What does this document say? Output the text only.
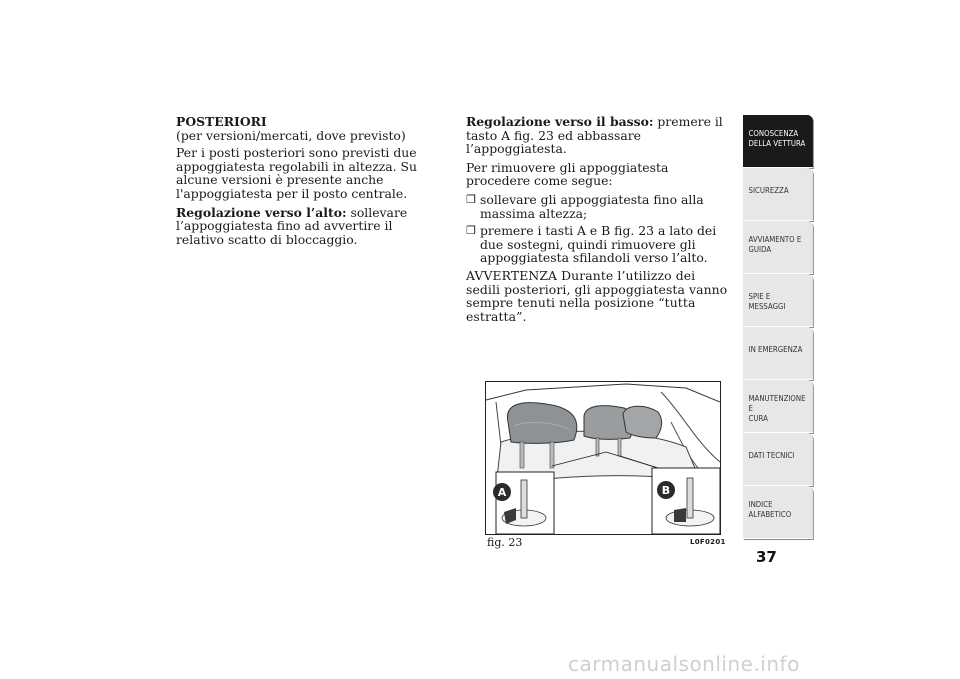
POSTERIORI
(per versioni/mercati, dove previsto)

Per i posti posteriori sono previsti due appoggiatesta regolabili in altezza. Su alcune versioni è presente anche l'appoggiatesta per il posto centrale.

Regolazione verso l’alto: sollevare l’appoggiatesta fino ad avvertire il relativo scatto di bloccaggio.

Regolazione verso il basso: premere il tasto A fig. 23 ed abbassare l’appoggiatesta.

Per rimuovere gli appoggiatesta procedere come segue:

❒ sollevare gli appoggiatesta fino alla massima altezza;
❒ premere i tasti A e B fig. 23 a lato dei due sostegni, quindi rimuovere gli appoggiatesta sfilandoli verso l’alto.

AVVERTENZA Durante l’utilizzo dei sedili posteriori, gli appoggiatesta vanno sempre tenuti nella posizione “tutta estratta”.

A	B
fig. 23	L0F0201
CONOSCENZA
DELLA VETTURA
SICUREZZA
AVVIAMENTO E
GUIDA
SPIE E MESSAGGI
IN EMERGENZA
MANUTENZIONE E
CURA
DATI TECNICI
INDICE
ALFABETICO
37
carmanualsonline.info
